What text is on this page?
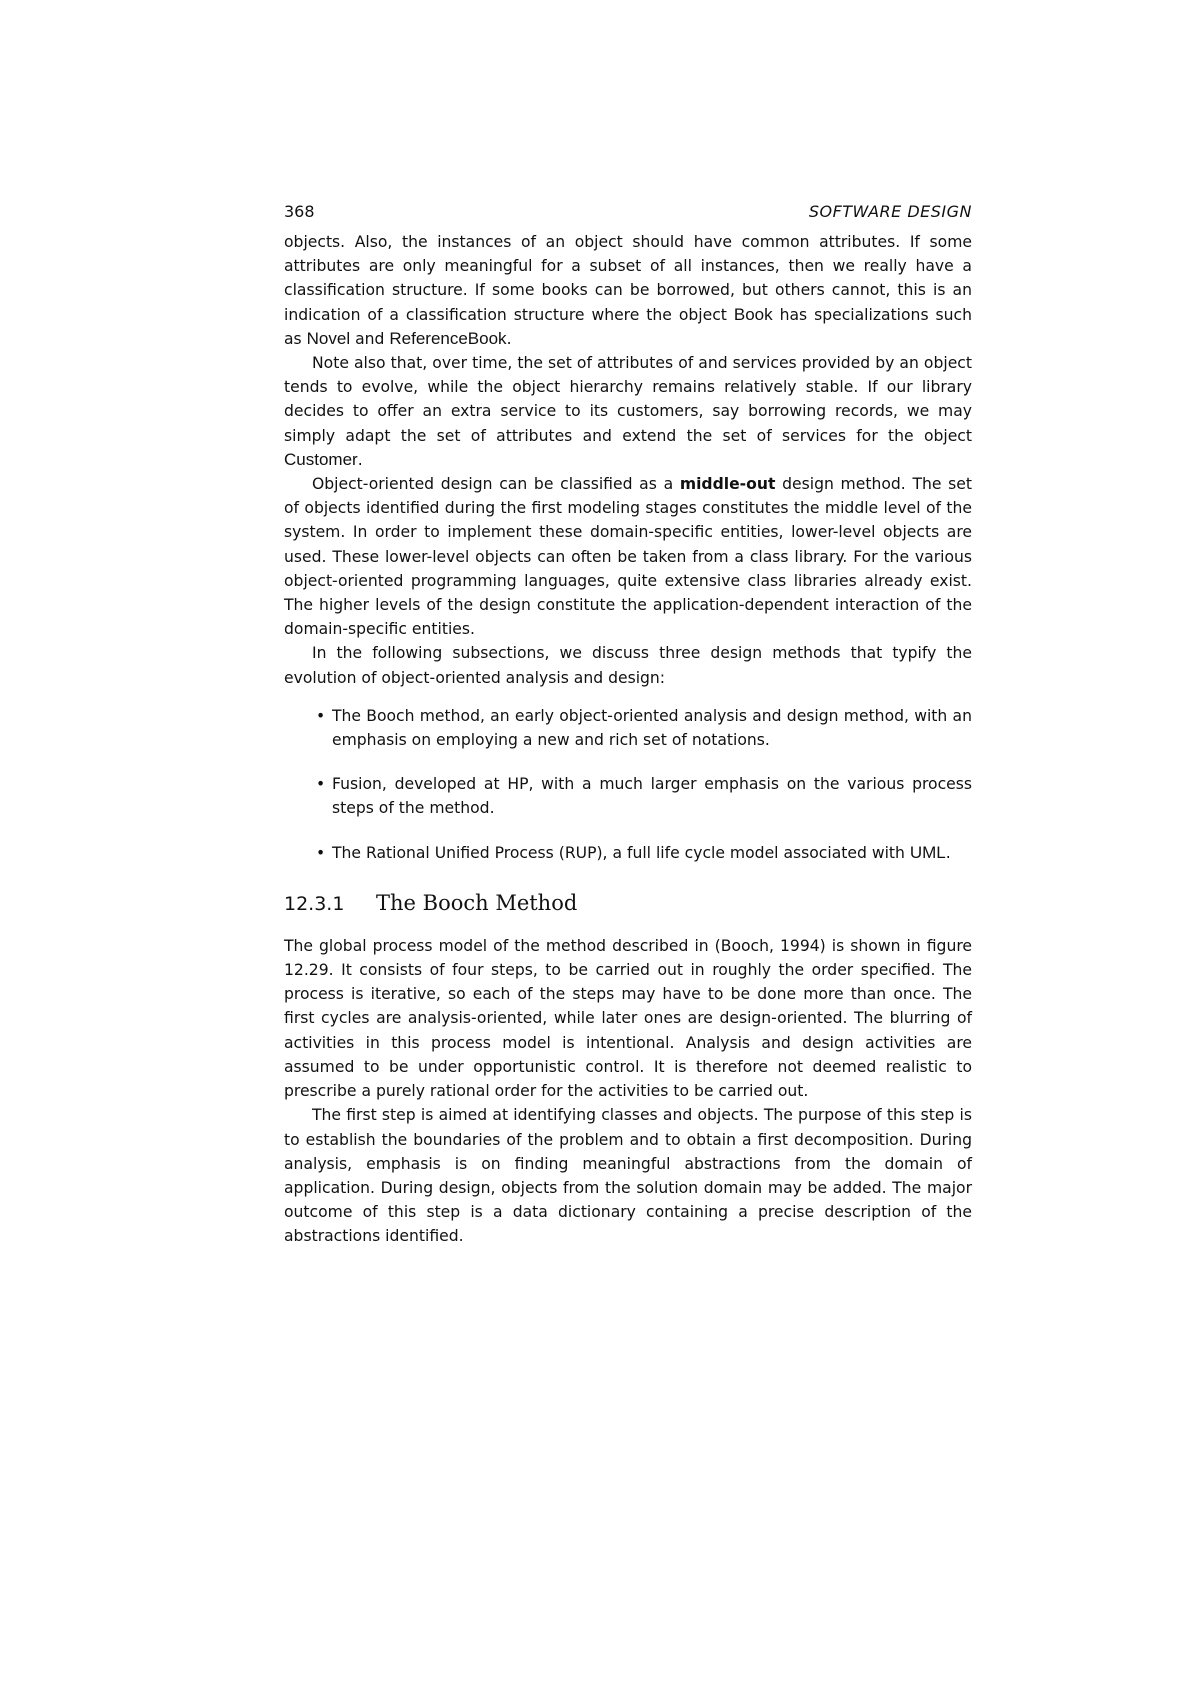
368	SOFTWARE DESIGN

objects. Also, the instances of an object should have common attributes. If some attributes are only meaningful for a subset of all instances, then we really have a classification structure. If some books can be borrowed, but others cannot, this is an indication of a classification structure where the object Book has specializations such as Novel and ReferenceBook.

Note also that, over time, the set of attributes of and services provided by an object tends to evolve, while the object hierarchy remains relatively stable. If our library decides to offer an extra service to its customers, say borrowing records, we may simply adapt the set of attributes and extend the set of services for the object Customer.

Object-oriented design can be classified as a middle-out design method. The set of objects identified during the first modeling stages constitutes the middle level of the system. In order to implement these domain-specific entities, lower-level objects are used. These lower-level objects can often be taken from a class library. For the various object-oriented programming languages, quite extensive class libraries already exist. The higher levels of the design constitute the application-dependent interaction of the domain-specific entities.

In the following subsections, we discuss three design methods that typify the evolution of object-oriented analysis and design:

• The Booch method, an early object-oriented analysis and design method, with an emphasis on employing a new and rich set of notations.
• Fusion, developed at HP, with a much larger emphasis on the various process steps of the method.
• The Rational Unified Process (RUP), a full life cycle model associated with UML.
12.3.1	The Booch Method

The global process model of the method described in (Booch, 1994) is shown in figure 12.29. It consists of four steps, to be carried out in roughly the order specified. The process is iterative, so each of the steps may have to be done more than once. The first cycles are analysis-oriented, while later ones are design-oriented. The blurring of activities in this process model is intentional. Analysis and design activities are assumed to be under opportunistic control. It is therefore not deemed realistic to prescribe a purely rational order for the activities to be carried out.

The first step is aimed at identifying classes and objects. The purpose of this step is to establish the boundaries of the problem and to obtain a first decomposition. During analysis, emphasis is on finding meaningful abstractions from the domain of application. During design, objects from the solution domain may be added. The major outcome of this step is a data dictionary containing a precise description of the abstractions identified.
